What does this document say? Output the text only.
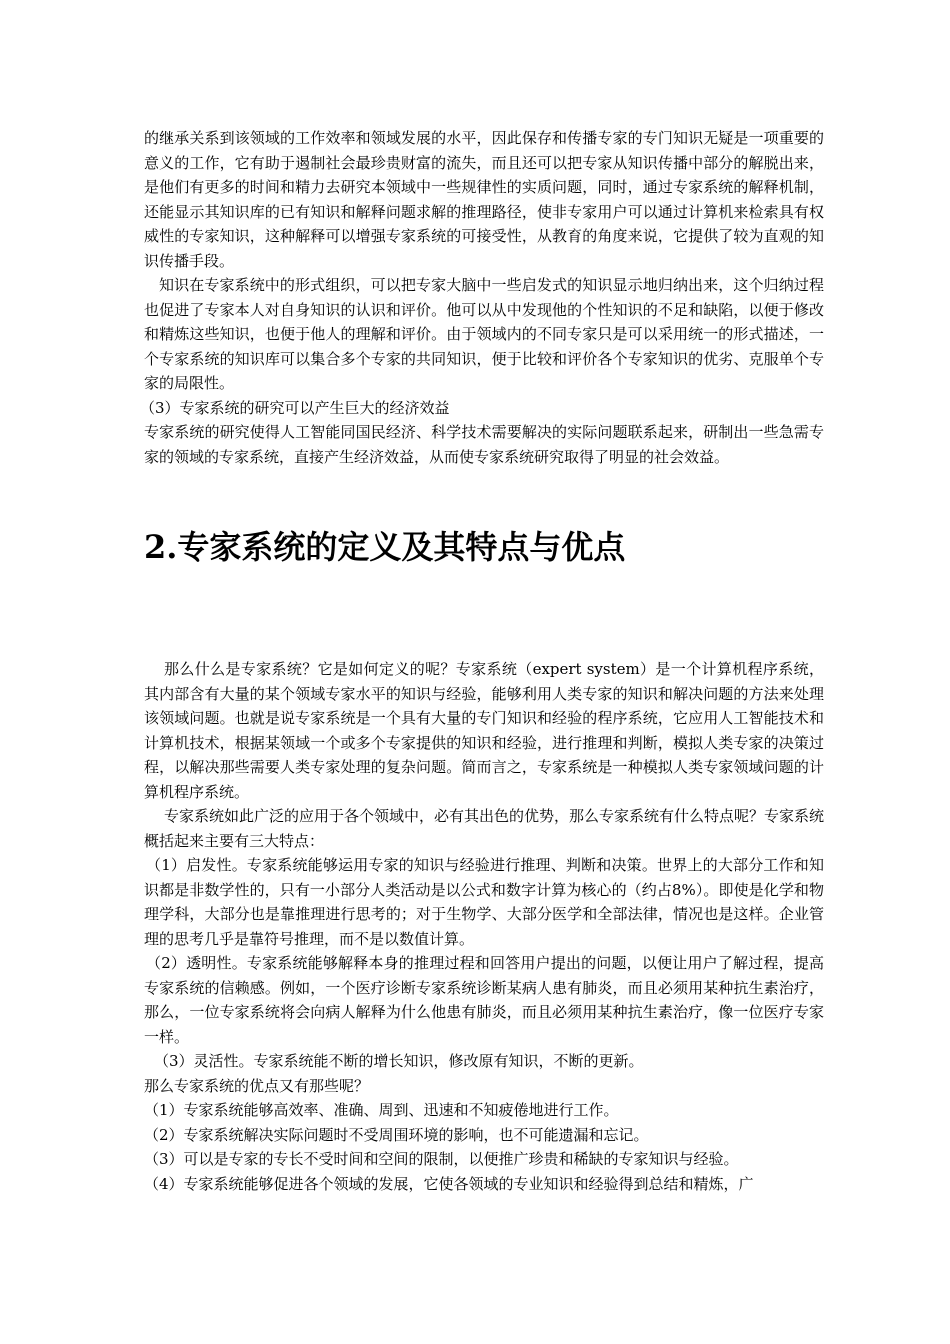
的继承关系到该领域的工作效率和领域发展的水平，因此保存和传播专家的专门知识无疑是一项重要的意义的工作，它有助于遏制社会最珍贵财富的流失，而且还可以把专家从知识传播中部分的解脱出来，是他们有更多的时间和精力去研究本领域中一些规律性的实质问题，同时，通过专家系统的解释机制，还能显示其知识库的已有知识和解释问题求解的推理路径，使非专家用户可以通过计算机来检索具有权威性的专家知识，这种解释可以增强专家系统的可接受性，从教育的角度来说，它提供了较为直观的知识传播手段。

知识在专家系统中的形式组织，可以把专家大脑中一些启发式的知识显示地归纳出来，这个归纳过程也促进了专家本人对自身知识的认识和评价。他可以从中发现他的个性知识的不足和缺陷，以便于修改和精炼这些知识，也便于他人的理解和评价。由于领域内的不同专家只是可以采用统一的形式描述，一个专家系统的知识库可以集合多个专家的共同知识，便于比较和评价各个专家知识的优劣、克服单个专家的局限性。

（3）专家系统的研究可以产生巨大的经济效益

专家系统的研究使得人工智能同国民经济、科学技术需要解决的实际问题联系起来，研制出一些急需专家的领域的专家系统，直接产生经济效益，从而使专家系统研究取得了明显的社会效益。

2.专家系统的定义及其特点与优点

那么什么是专家系统？它是如何定义的呢？专家系统（expert system）是一个计算机程序系统，其内部含有大量的某个领域专家水平的知识与经验，能够利用人类专家的知识和解决问题的方法来处理该领域问题。也就是说专家系统是一个具有大量的专门知识和经验的程序系统，它应用人工智能技术和计算机技术，根据某领域一个或多个专家提供的知识和经验，进行推理和判断，模拟人类专家的决策过程，以解决那些需要人类专家处理的复杂问题。简而言之，专家系统是一种模拟人类专家领域问题的计算机程序系统。

专家系统如此广泛的应用于各个领域中，必有其出色的优势，那么专家系统有什么特点呢？专家系统概括起来主要有三大特点：

（1）启发性。专家系统能够运用专家的知识与经验进行推理、判断和决策。世界上的大部分工作和知识都是非数学性的，只有一小部分人类活动是以公式和数字计算为核心的（约占8%）。即使是化学和物理学科，大部分也是靠推理进行思考的；对于生物学、大部分医学和全部法律，情况也是这样。企业管理的思考几乎是靠符号推理，而不是以数值计算。

（2）透明性。专家系统能够解释本身的推理过程和回答用户提出的问题，以便让用户了解过程，提高专家系统的信赖感。例如，一个医疗诊断专家系统诊断某病人患有肺炎，而且必须用某种抗生素治疗，那么，一位专家系统将会向病人解释为什么他患有肺炎，而且必须用某种抗生素治疗，像一位医疗专家一样。

（3）灵活性。专家系统能不断的增长知识，修改原有知识，不断的更新。

那么专家系统的优点又有那些呢？

（1）专家系统能够高效率、准确、周到、迅速和不知疲倦地进行工作。

（2）专家系统解决实际问题时不受周围环境的影响，也不可能遗漏和忘记。

（3）可以是专家的专长不受时间和空间的限制，以便推广珍贵和稀缺的专家知识与经验。

（4）专家系统能够促进各个领域的发展，它使各领域的专业知识和经验得到总结和精炼，广
